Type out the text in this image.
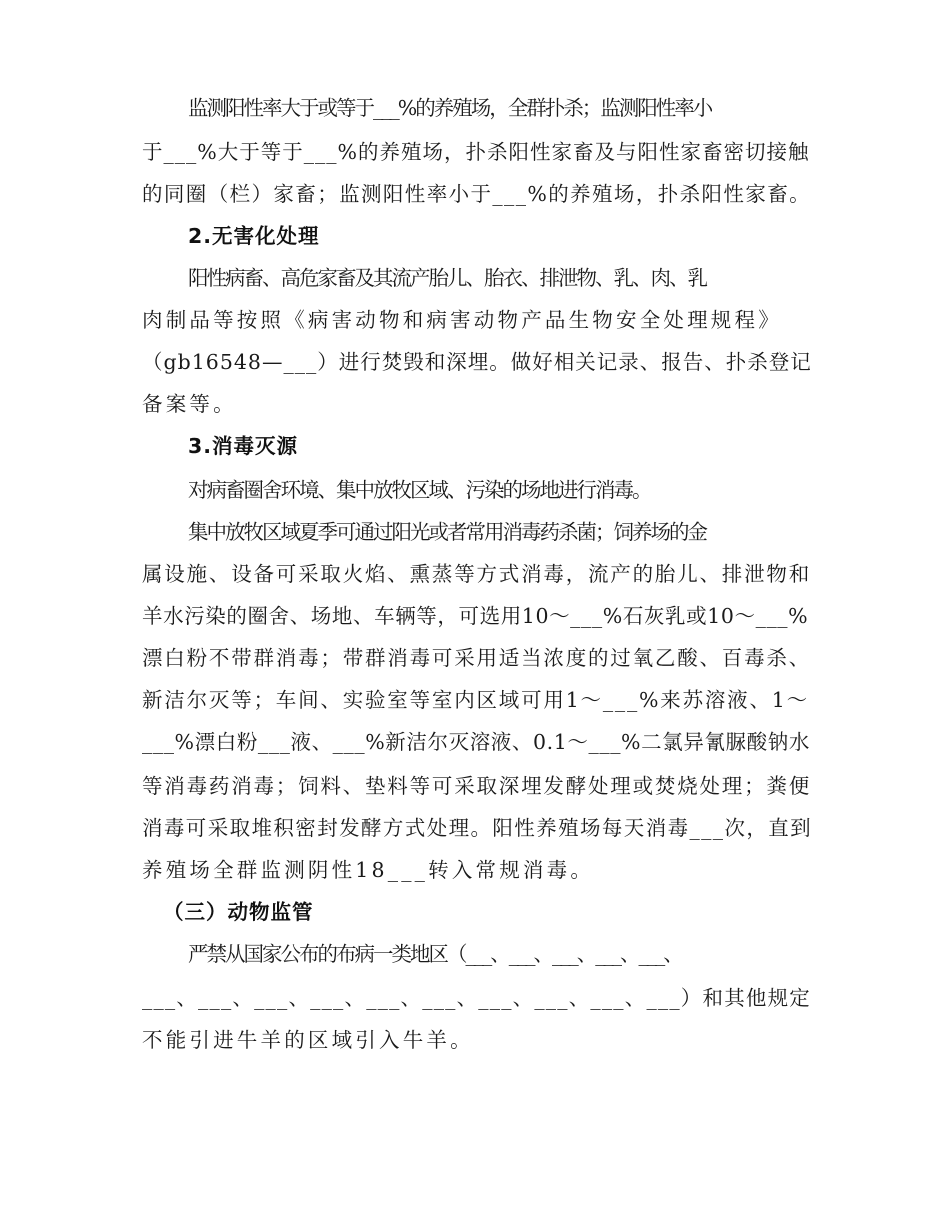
监测阳性率大于或等于___%的养殖场，全群扑杀；监测阳性率小
于___%大于等于___%的养殖场，扑杀阳性家畜及与阳性家畜密切接触
的同圈（栏）家畜；监测阳性率小于___%的养殖场，扑杀阳性家畜。
2.无害化处理
阳性病畜、高危家畜及其流产胎儿、胎衣、排泄物、乳、肉、乳
肉制品等按照《病害动物和病害动物产品生物安全处理规程》
（gb16548—___）进行焚毁和深埋。做好相关记录、报告、扑杀登记
备案等。
3.消毒灭源
对病畜圈舍环境、集中放牧区域、污染的场地进行消毒。
集中放牧区域夏季可通过阳光或者常用消毒药杀菌；饲养场的金
属设施、设备可采取火焰、熏蒸等方式消毒，流产的胎儿、排泄物和
羊水污染的圈舍、场地、车辆等，可选用10～___%石灰乳或10～___%
漂白粉不带群消毒；带群消毒可采用适当浓度的过氧乙酸、百毒杀、
新洁尔灭等；车间、实验室等室内区域可用1～___%来苏溶液、1～
___%漂白粉___液、___%新洁尔灭溶液、0.1～___%二氯异氰脲酸钠水
等消毒药消毒；饲料、垫料等可采取深埋发酵处理或焚烧处理；粪便
消毒可采取堆积密封发酵方式处理。阳性养殖场每天消毒___次，直到
养殖场全群监测阴性18___转入常规消毒。
（三）动物监管
严禁从国家公布的布病一类地区（___、___、___、___、___、
___、___、___、___、___、___、___、___、___、___）和其他规定
不能引进牛羊的区域引入牛羊。
